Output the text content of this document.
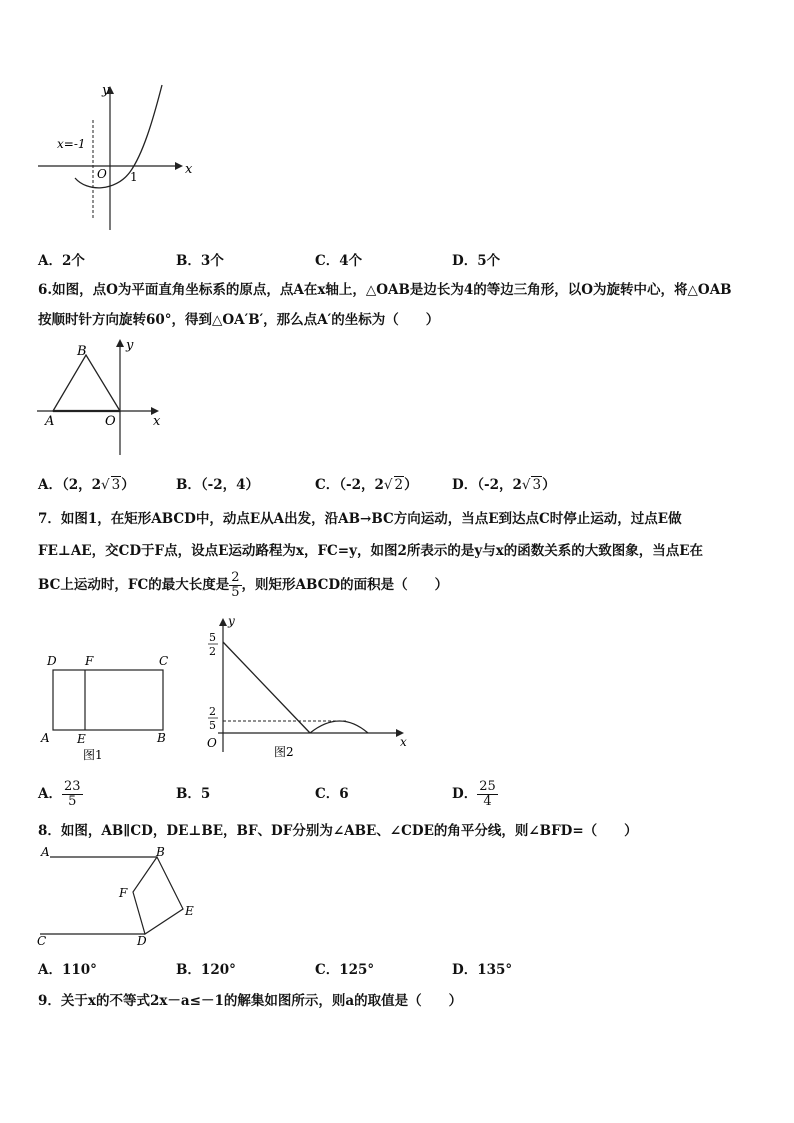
x=-1
x
y
O 1
A．2个	B．3个	C．4个	D．5个
6.如图，点O为平面直角坐标系的原点，点A在x轴上，△OAB是边长为4的等边三角形，以O为旋转中心，将△OAB
按顺时针方向旋转60°，得到△OA′B′，那么点A′的坐标为（　　）
B
A	O	x
y
A．（2，2√ 3）	B．（-2，4）	C．（-2，2√ 2）	D．（-2，2√ 3）
7．如图1，在矩形ABCD中，动点E从A出发，沿AB→BC方向运动，当点E到达点C时停止运动，过点E做
FE⊥AE，交CD于F点，设点E运动路程为x，FC=y，如图2所表示的是y与x的函数关系的大致图象，当点E在
BC上运动时，FC的最大长度是 $\frac{2}{5}$ ，则矩形ABCD的面积是（　　）
D F	C
A E	B
图1
y
x
O
5
2
2
5
图2
A． $\frac{23}{5}$	B．5	C．6	D． $\frac{25}{4}$
8．如图，AB∥CD，DE⊥BE，BF、DF分别为∠ABE、∠CDE的角平分线，则∠BFD=（　　）
A	B
F
E
C	D
A．110°	B．120°	C．125°	D．135°
9．关于x的不等式2x－a≤－1的解集如图所示，则a的取值是（　　）
